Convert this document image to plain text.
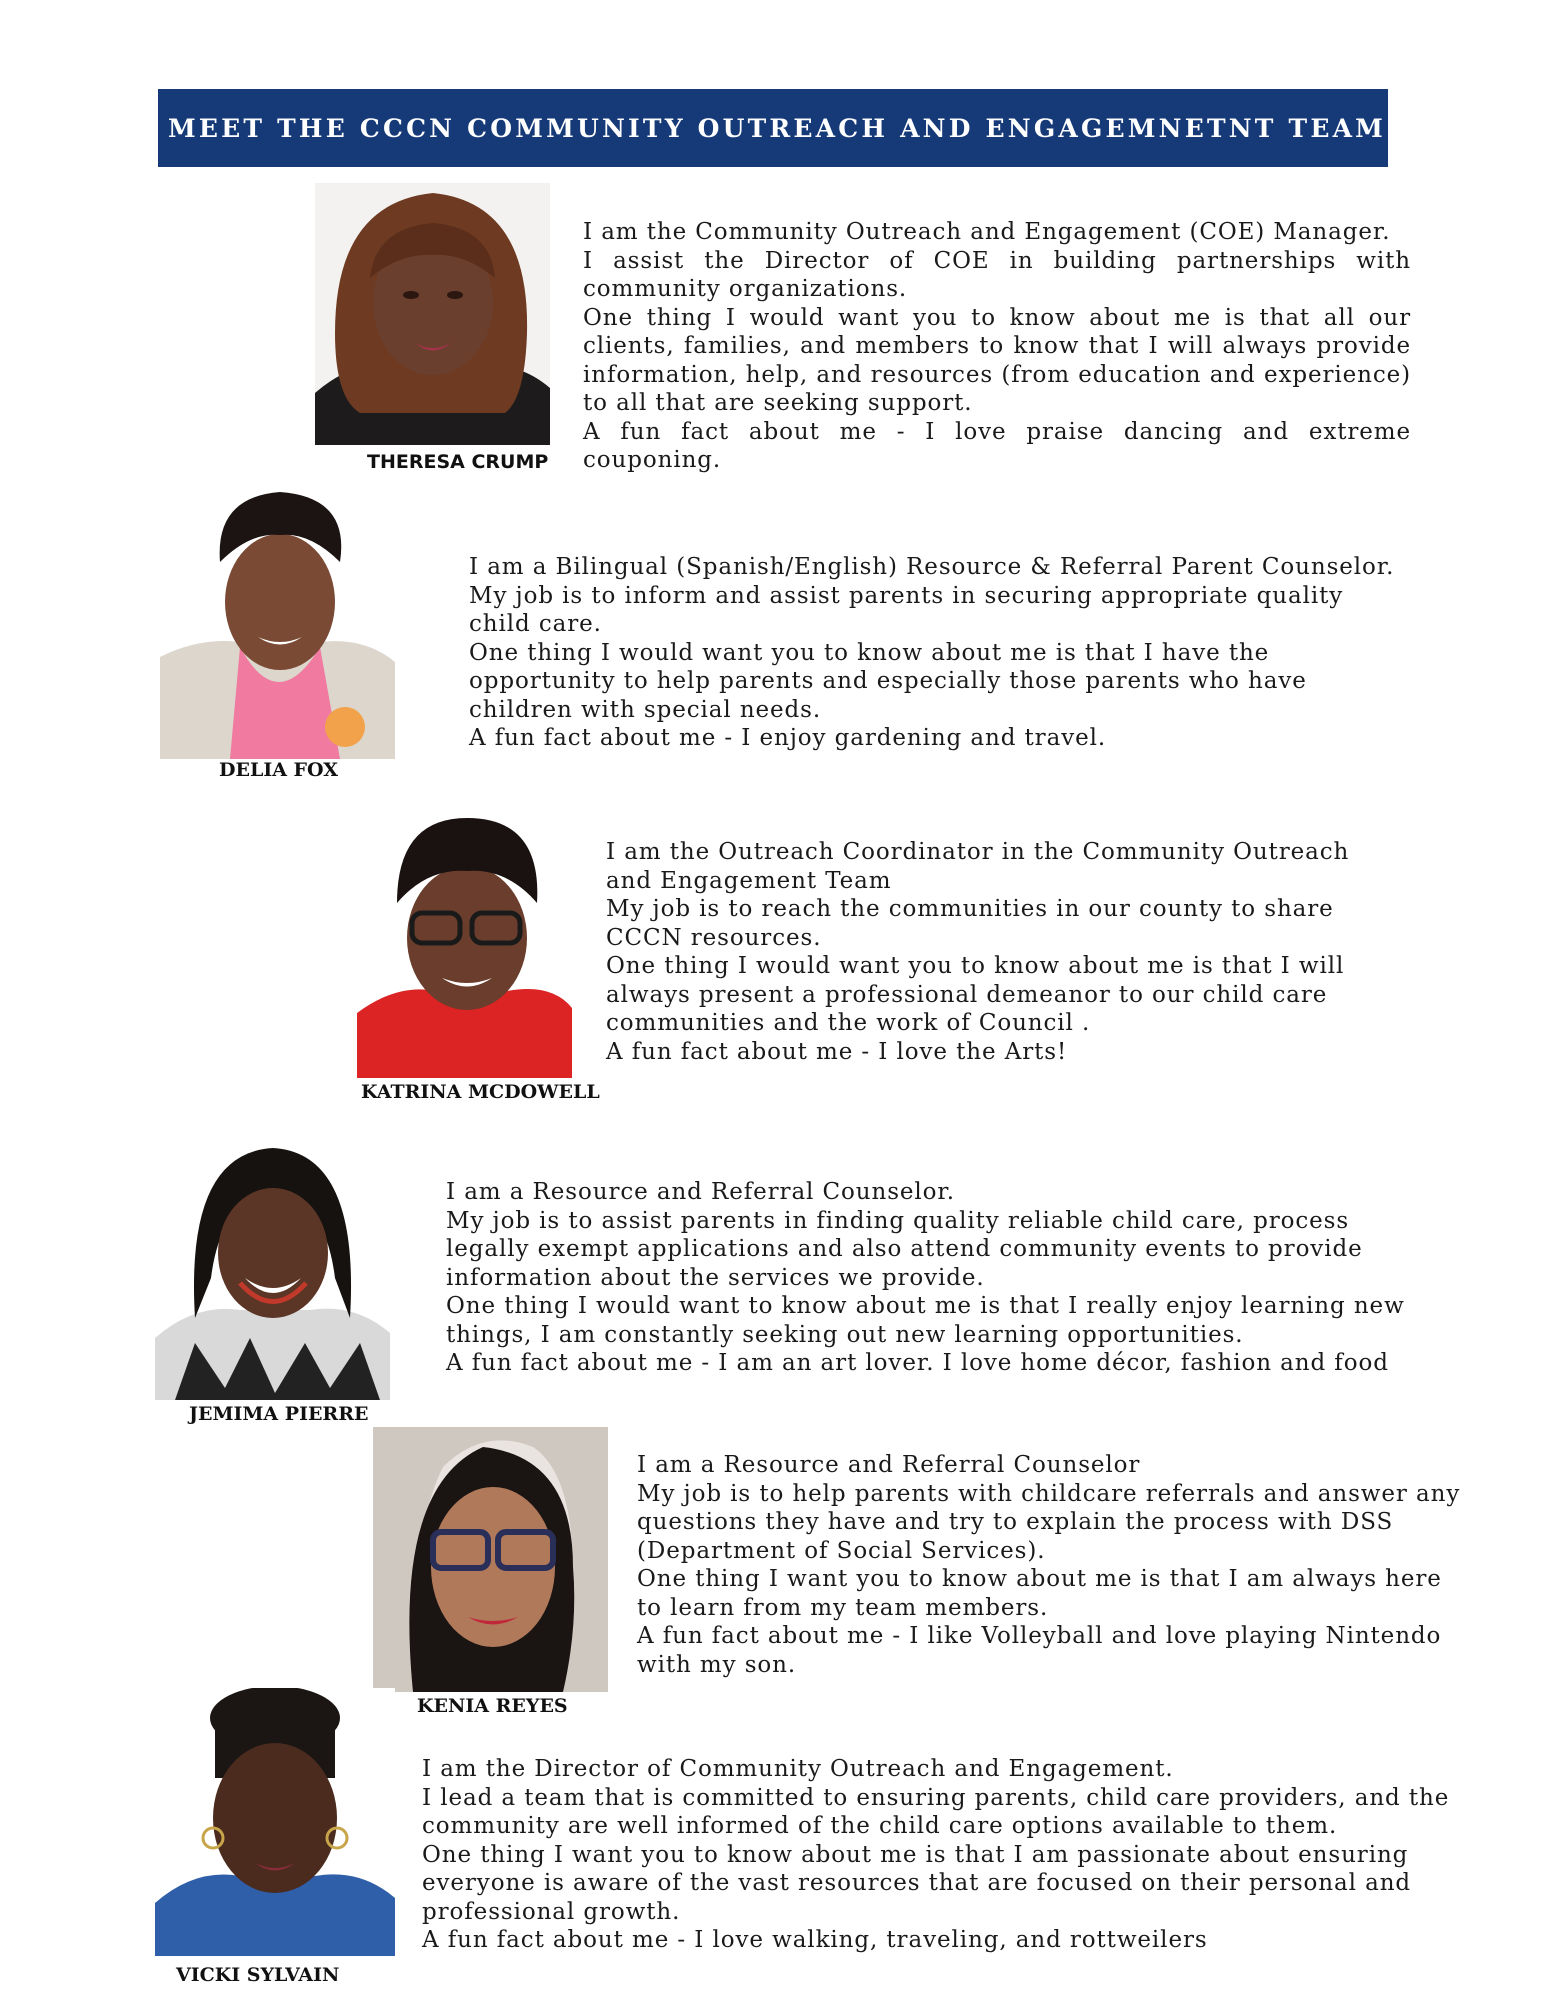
MEET THE CCCN COMMUNITY OUTREACH AND ENGAGEMNETNT TEAM
THERESA CRUMP

I am the Community Outreach and Engagement (COE) Manager.

I assist the Director of COE in building partnerships with community organizations.

One thing I would want you to know about me is that all our clients, families, and members to know that I will always provide information, help, and resources (from education and experience) to all that are seeking support.

A fun fact about me - I love praise dancing and extreme couponing.

DELIA FOX

I am a Bilingual (Spanish/English) Resource & Referral Parent Counselor.

My job is to inform and assist parents in securing appropriate quality child care.

One thing I would want you to know about me is that I have the opportunity to help parents and especially those parents who have children with special needs.

A fun fact about me - I enjoy gardening and travel.

KATRINA MCDOWELL

I am the Outreach Coordinator in the Community Outreach and Engagement Team

My job is to reach the communities in our county to share CCCN resources.

One thing I would want you to know about me is that I will always present a professional demeanor to our child care communities and the work of Council .

A fun fact about me - I love the Arts!

JEMIMA PIERRE

I am a Resource and Referral Counselor.

My job is to assist parents in finding quality reliable child care, process legally exempt applications and also attend community events to provide information about the services we provide.

One thing I would want to know about me is that I really enjoy learning new things, I am constantly seeking out new learning opportunities.

A fun fact about me - I am an art lover. I love home décor, fashion and food

KENIA REYES

I am a Resource and Referral Counselor

My job is to help parents with childcare referrals and answer any questions they have and try to explain the process with DSS (Department of Social Services).

One thing I want you to know about me is that I am always here to learn from my team members.

A fun fact about me - I like Volleyball and love playing Nintendo with my son.

VICKI SYLVAIN

I am the Director of Community Outreach and Engagement.

I lead a team that is committed to ensuring parents, child care providers, and the community are well informed of the child care options available to them.

One thing I want you to know about me is that I am passionate about ensuring everyone is aware of the vast resources that are focused on their personal and professional growth.

A fun fact about me - I love walking, traveling, and rottweilers
